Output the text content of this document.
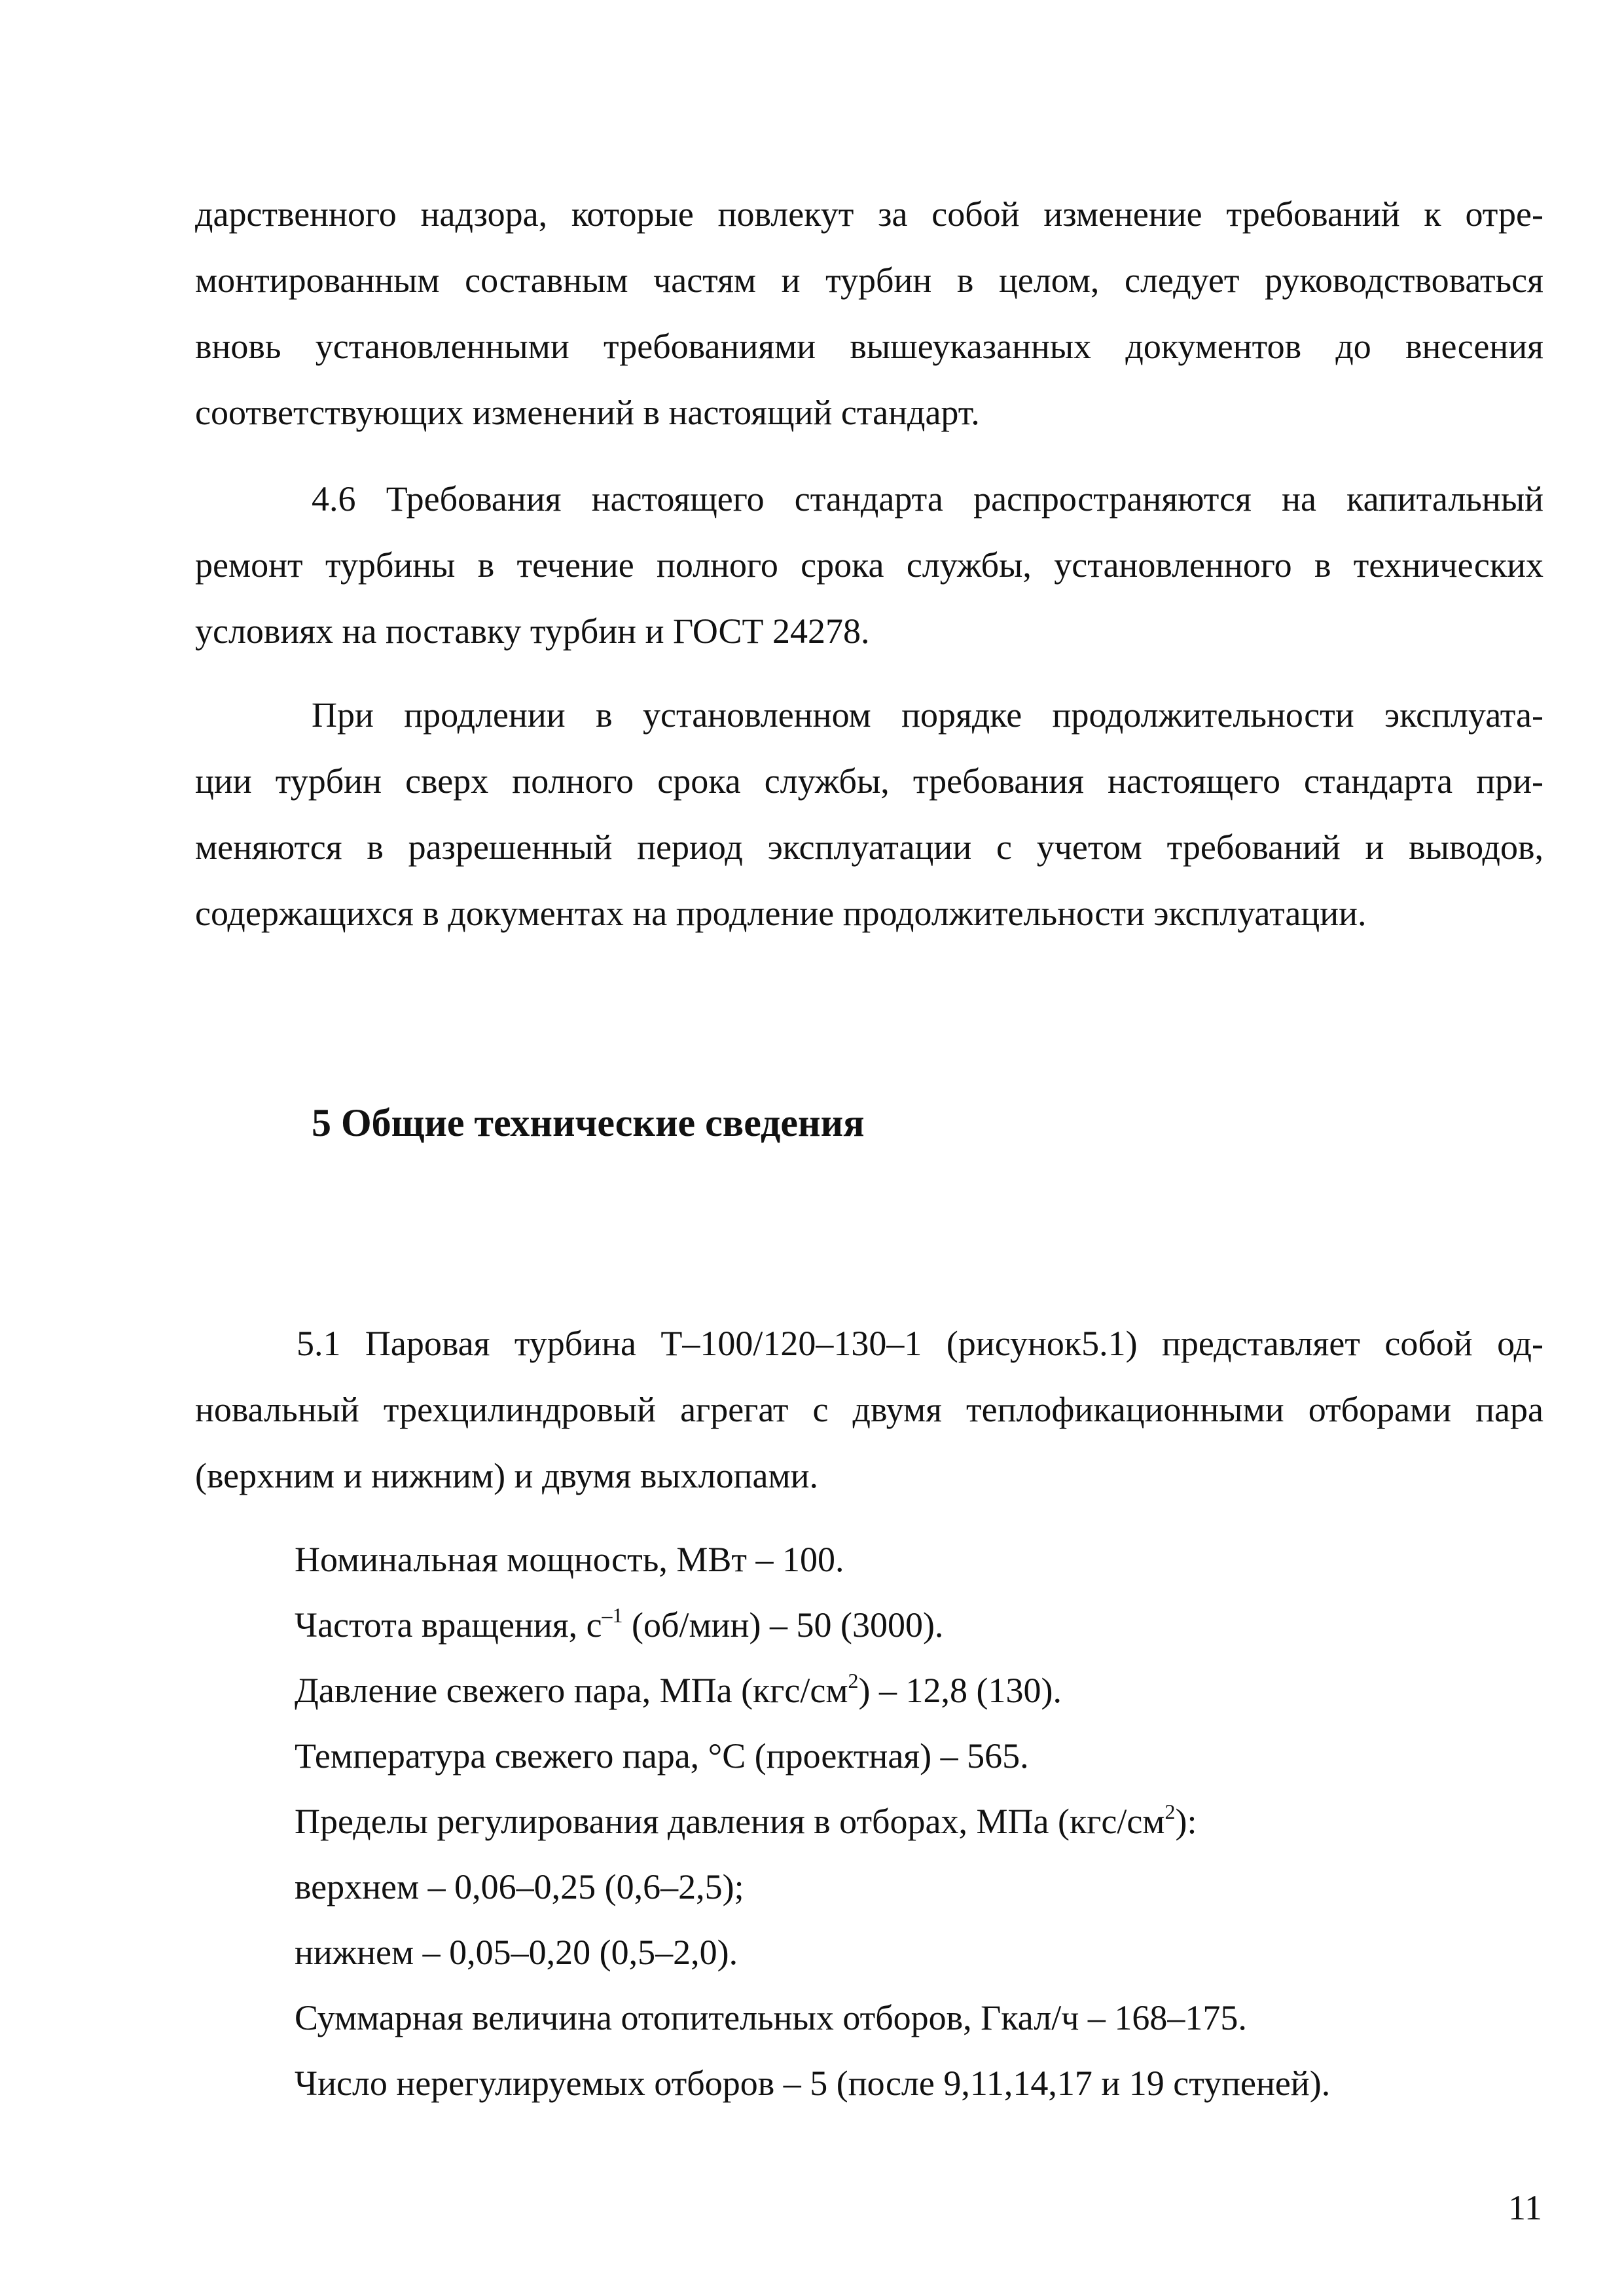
дарственного надзора, которые повлекут за собой изменение требований к отре-
монтированным составным частям и турбин в целом, следует руководствоваться
вновь установленными требованиями вышеуказанных документов до внесения
соответствующих изменений в настоящий стандарт.
4.6 Требования настоящего стандарта распространяются на капитальный
ремонт турбины в течение полного срока службы, установленного в технических
условиях на поставку турбин и ГОСТ 24278.
При продлении в установленном порядке продолжительности эксплуата-
ции турбин сверх полного срока службы, требования настоящего стандарта при-
меняются в разрешенный период эксплуатации с учетом требований и выводов,
содержащихся в документах на продление продолжительности эксплуатации.
5 Общие технические сведения
5.1 Паровая турбина Т–100/120–130–1 (рисунок5.1) представляет собой од-
новальный трехцилиндровый агрегат с двумя теплофикационными отборами пара
(верхним и нижним) и двумя выхлопами.
Номинальная мощность, МВт – 100.
Частота вращения, $с^{-1}$ (об/мин) – 50 (3000).
Давление свежего пара, МПа $(кгс/см^2) - 12,8$ (130).
Температура свежего пара, °С (проектная) – 565.
Пределы регулирования давления в отборах, МПа $(кгс/см^2)$:
верхнем – 0,06–0,25 (0,6–2,5);
нижнем – 0,05–0,20 (0,5–2,0).
Суммарная величина отопительных отборов, Гкал/ч – 168–175.
Число нерегулируемых отборов – 5 (после 9,11,14,17 и 19 ступеней).
11
